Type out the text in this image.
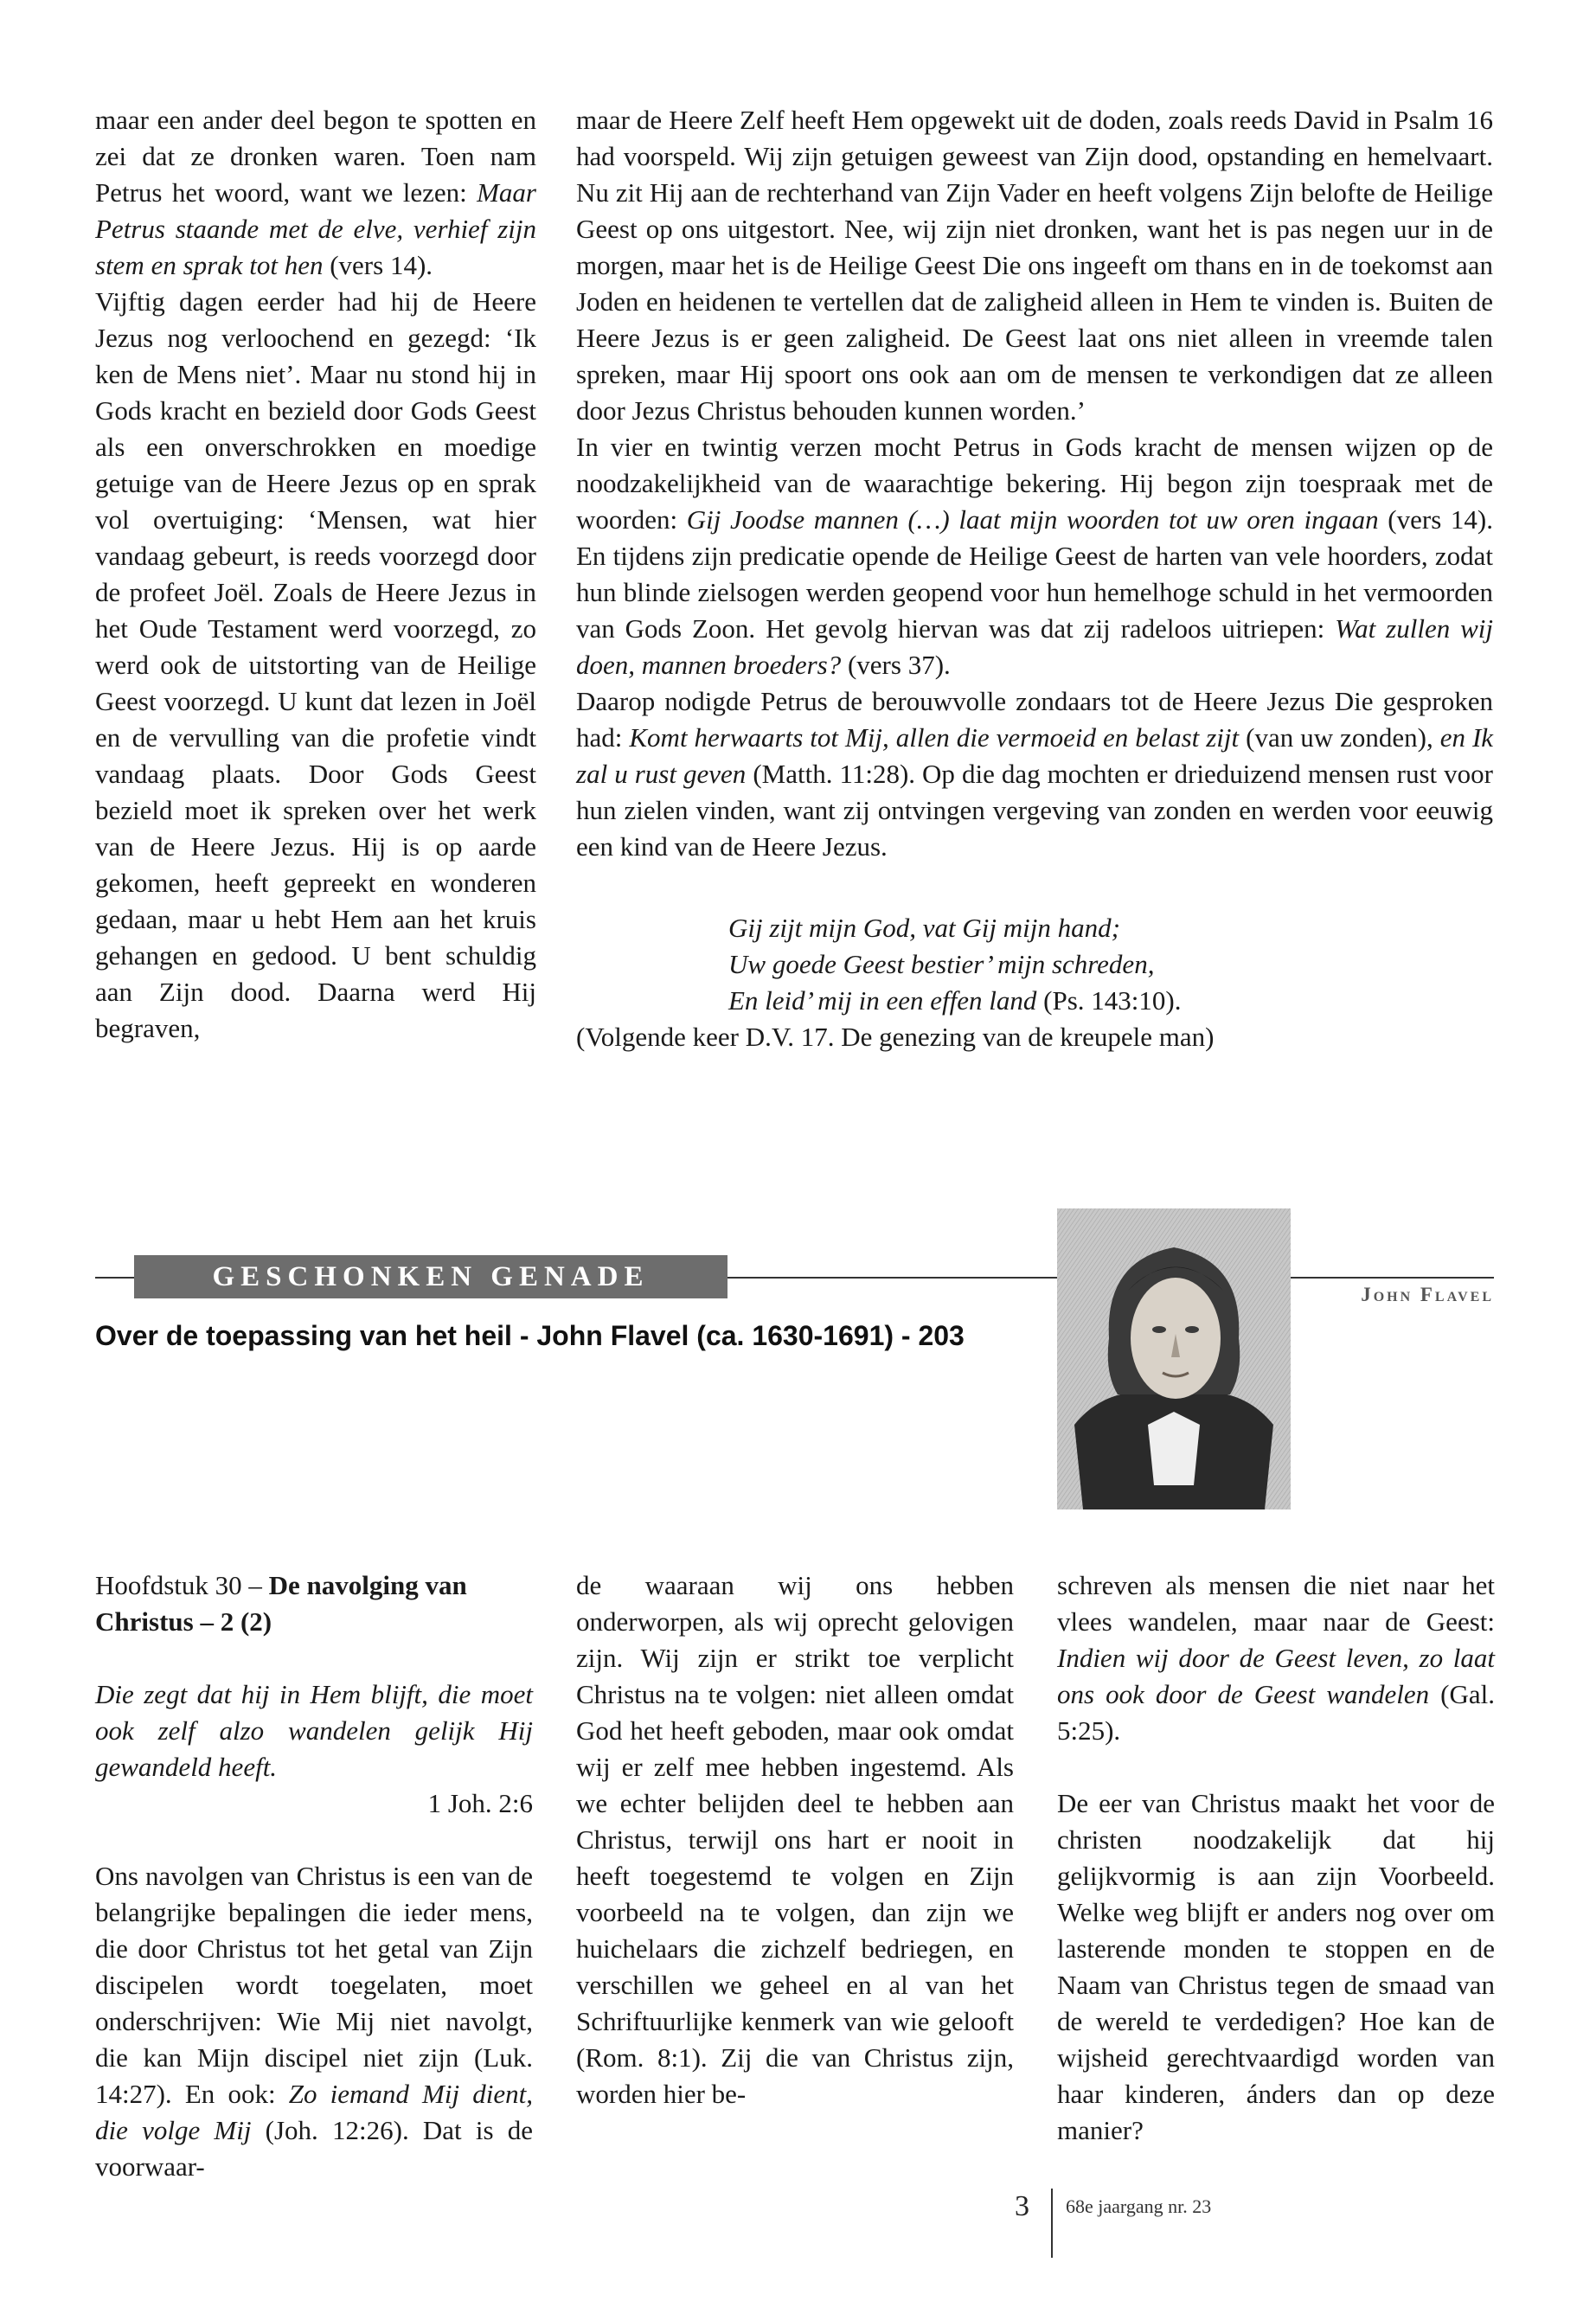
maar een ander deel begon te spotten en zei dat ze dronken waren. Toen nam Petrus het woord, want we lezen: Maar Petrus staande met de elve, verhief zijn stem en sprak tot hen (vers 14).

Vijftig dagen eerder had hij de Heere Jezus nog verloochend en gezegd: ‘Ik ken de Mens niet’. Maar nu stond hij in Gods kracht en bezield door Gods Geest als een onverschrokken en moedige getuige van de Heere Jezus op en sprak vol overtuiging: ‘Mensen, wat hier vandaag gebeurt, is reeds voorzegd door de profeet Joël. Zoals de Heere Jezus in het Oude Testament werd voorzegd, zo werd ook de uitstorting van de Heilige Geest voorzegd. U kunt dat lezen in Joël en de vervulling van die profetie vindt vandaag plaats. Door Gods Geest bezield moet ik spreken over het werk van de Heere Jezus. Hij is op aarde gekomen, heeft gepreekt en wonderen gedaan, maar u hebt Hem aan het kruis gehangen en gedood. U bent schuldig aan Zijn dood. Daarna werd Hij begraven,

maar de Heere Zelf heeft Hem opgewekt uit de doden, zoals reeds David in Psalm 16 had voorspeld. Wij zijn getuigen geweest van Zijn dood, opstanding en hemelvaart. Nu zit Hij aan de rechterhand van Zijn Vader en heeft volgens Zijn belofte de Heilige Geest op ons uitgestort. Nee, wij zijn niet dronken, want het is pas negen uur in de morgen, maar het is de Heilige Geest Die ons ingeeft om thans en in de toekomst aan Joden en heidenen te vertellen dat de zaligheid alleen in Hem te vinden is. Buiten de Heere Jezus is er geen zaligheid. De Geest laat ons niet alleen in vreemde talen spreken, maar Hij spoort ons ook aan om de mensen te verkondigen dat ze alleen door Jezus Christus behouden kunnen worden.’

In vier en twintig verzen mocht Petrus in Gods kracht de mensen wijzen op de noodzakelijkheid van de waarachtige bekering. Hij begon zijn toespraak met de woorden: Gij Joodse mannen (…) laat mijn woorden tot uw oren ingaan (vers 14). En tijdens zijn predicatie opende de Heilige Geest de harten van vele hoorders, zodat hun blinde zielsogen werden geopend voor hun hemelhoge schuld in het vermoorden van Gods Zoon. Het gevolg hiervan was dat zij radeloos uitriepen: Wat zullen wij doen, mannen broeders? (vers 37).

Daarop nodigde Petrus de berouwvolle zondaars tot de Heere Jezus Die gesproken had: Komt herwaarts tot Mij, allen die vermoeid en belast zijt (van uw zonden), en Ik zal u rust geven (Matth. 11:28). Op die dag mochten er drieduizend mensen rust voor hun zielen vinden, want zij ontvingen vergeving van zonden en werden voor eeuwig een kind van de Heere Jezus.

Gij zijt mijn God, vat Gij mijn hand;

Uw goede Geest bestier’ mijn schreden,

En leid’ mij in een effen land (Ps. 143:10).

(Volgende keer D.V. 17. De genezing van de kreupele man)

GESCHONKEN GENADE
John Flavel
Over de toepassing van het heil - John Flavel (ca. 1630-1691) - 203

Hoofdstuk 30 – De navolging van Christus – 2 (2)

Die zegt dat hij in Hem blijft, die moet ook zelf alzo wandelen gelijk Hij gewandeld heeft.

1 Joh. 2:6

Ons navolgen van Christus is een van de belangrijke bepalingen die ieder mens, die door Christus tot het getal van Zijn discipelen wordt toegelaten, moet onderschrijven: Wie Mij niet navolgt, die kan Mijn discipel niet zijn (Luk. 14:27). En ook: Zo iemand Mij dient, die volge Mij (Joh. 12:26). Dat is de voorwaar-

de waaraan wij ons hebben onderworpen, als wij oprecht gelovigen zijn. Wij zijn er strikt toe verplicht Christus na te volgen: niet alleen omdat God het heeft geboden, maar ook omdat wij er zelf mee hebben ingestemd. Als we echter belijden deel te hebben aan Christus, terwijl ons hart er nooit in heeft toegestemd te volgen en Zijn voorbeeld na te volgen, dan zijn we huichelaars die zichzelf bedriegen, en verschillen we geheel en al van het Schriftuurlijke kenmerk van wie gelooft (Rom. 8:1). Zij die van Christus zijn, worden hier be-

schreven als mensen die niet naar het vlees wandelen, maar naar de Geest: Indien wij door de Geest leven, zo laat ons ook door de Geest wandelen (Gal. 5:25).

De eer van Christus maakt het voor de christen noodzakelijk dat hij gelijkvormig is aan zijn Voorbeeld. Welke weg blijft er anders nog over om lasterende monden te stoppen en de Naam van Christus tegen de smaad van de wereld te verdedigen? Hoe kan de wijsheid gerechtvaardigd worden van haar kinderen, ánders dan op deze manier?

3 68e jaargang nr. 23
